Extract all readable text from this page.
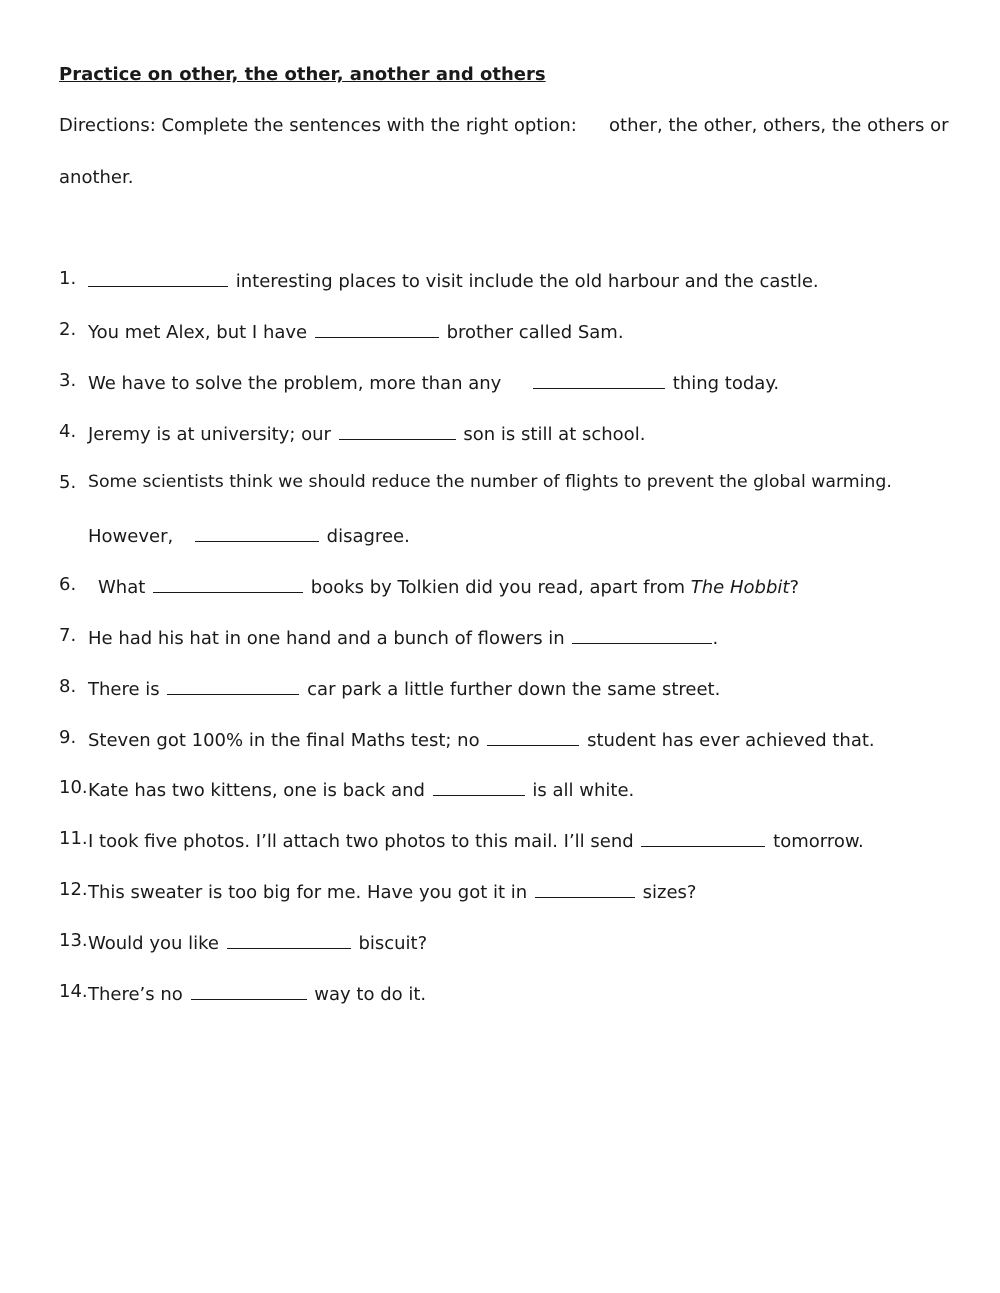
Practice on other, the other, another and others
Directions: Complete the sentences with the right option: other, the other, others, the others or
another.
1.	interesting places to visit include the old harbour and the castle.
2. You met Alex, but I have	brother called Sam.
3. We have to solve the problem, more than any	thing today.
4. Jeremy is at university; our	son is still at school.
5. Some scientists think we should reduce the number of flights to prevent the global warming.
However,	disagree.
6. What	books by Tolkien did you read, apart from The Hobbit?
7. He had his hat in one hand and a bunch of flowers in	.
8. There is	car park a little further down the same street.
9. Steven got 100% in the final Maths test; no	student has ever achieved that.
10. Kate has two kittens, one is back and	is all white.
11. I took five photos. I’ll attach two photos to this mail. I’ll send	tomorrow.
12. This sweater is too big for me. Have you got it in	sizes?
13. Would you like	biscuit?
14. There’s no	way to do it.
